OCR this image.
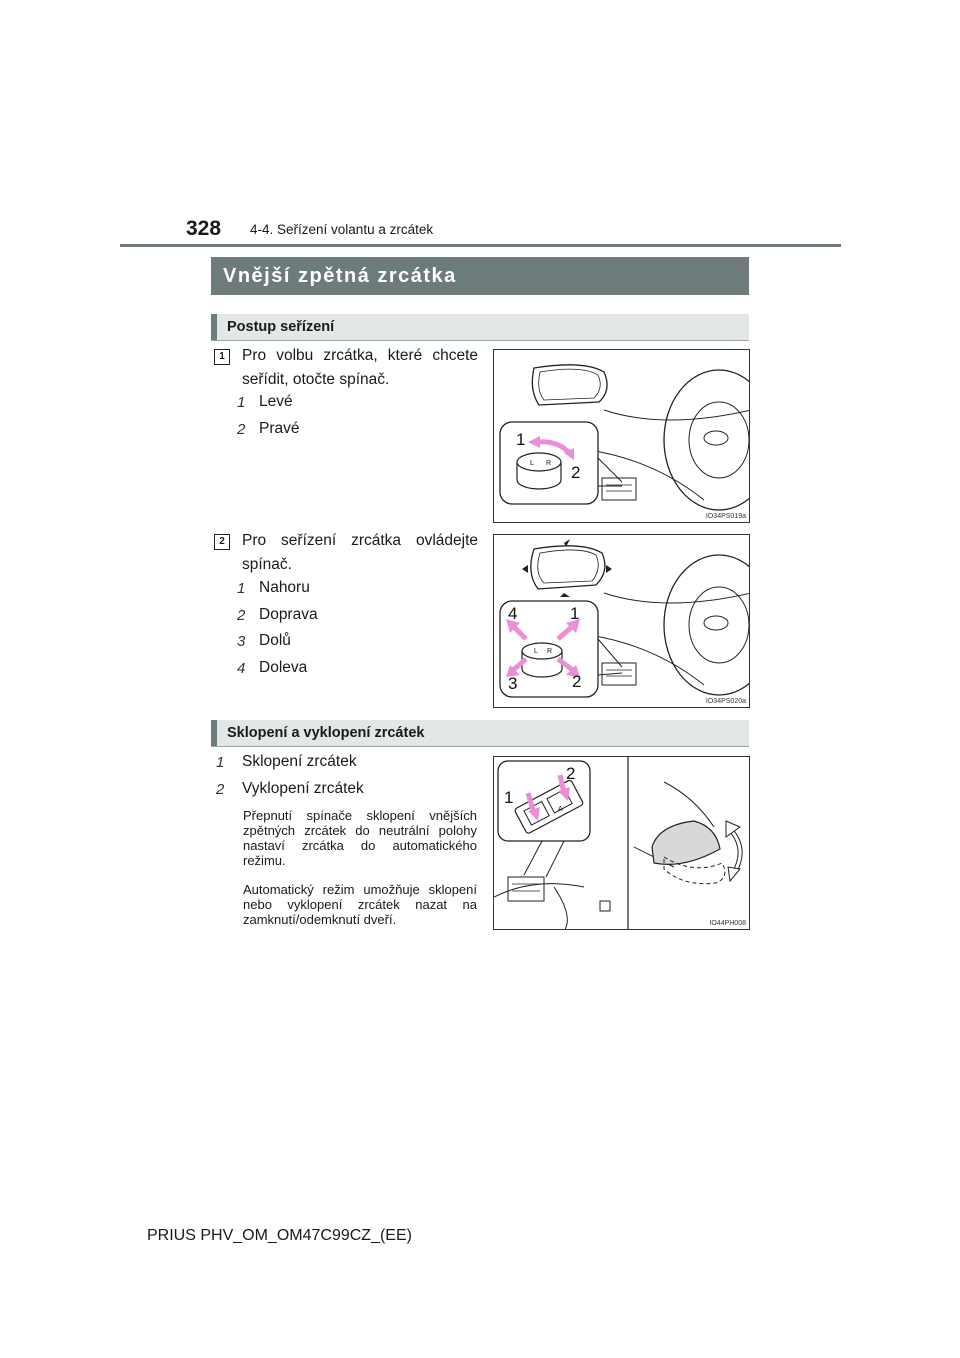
328 4-4. Seřízení volantu a zrcátek
Vnější zpětná zrcátka
Postup seřízení
1	Pro volbu zrcátka, které chcete seřídit, otočte spínač.
1 Levé
2 Pravé
1
2
L R
IO34PS019a
2	Pro seřízení zrcátka ovládejte spínač.
1 Nahoru
2 Doprava
3 Dolů
4 Doleva
1
2
3
4
L R
IO34PS020a
Sklopení a vyklopení zrcátek
1 Sklopení zrcátek
2 Vyklopení zrcátek
Přepnutí spínače sklopení vnějších zpětných zrcátek do neutrální polohy nastaví zrcátka do automatického režimu.
Automatický režim umožňuje sklopení nebo vyklopení zrcátek nazat na zamknutí/odemknutí dveří.
1
2
A
IO44PH008
PRIUS PHV_OM_OM47C99CZ_(EE)
